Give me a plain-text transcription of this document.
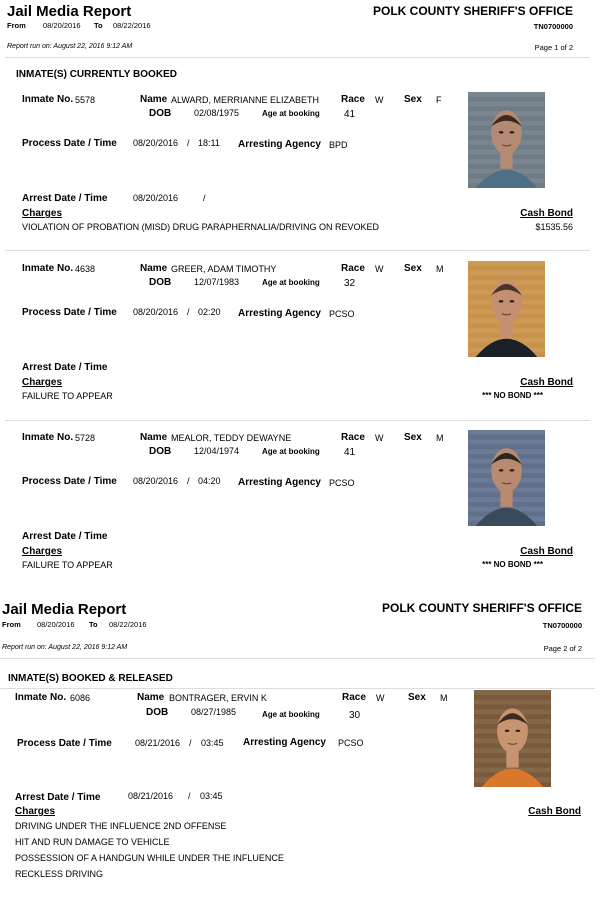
Jail Media Report
From 08/20/2016 To 08/22/2016
POLK COUNTY SHERIFF'S OFFICE
TN0700000
Report run on: August 22, 2016 9:12 AM	Page 1 of 2
INMATE(S) CURRENTLY BOOKED
Inmate No. 5578	Name ALWARD, MERRIANNE ELIZABETH Race W Sex F
DOB	02/08/1975	Age at booking 41
Process Date / Time 08/20/2016 / 18:11 Arresting Agency BPD
Arrest Date / Time	08/20/2016	/
Charges	Cash Bond
VIOLATION OF PROBATION (MISD) DRUG PARAPHERNALIA/DRIVING ON REVOKED	$1535.56
Inmate No. 4638	Name GREER, ADAM TIMOTHY	Race W Sex M
DOB	12/07/1983	Age at booking 32
Process Date / Time 08/20/2016 / 02:20 Arresting Agency PCSO
Arrest Date / Time
Charges	Cash Bond
FAILURE TO APPEAR	*** NO BOND ***
Inmate No. 5728	Name MEALOR, TEDDY DEWAYNE	Race W Sex M
DOB	12/04/1974	Age at booking 41
Process Date / Time 08/20/2016 / 04:20 Arresting Agency PCSO
Arrest Date / Time
Charges	Cash Bond
FAILURE TO APPEAR	*** NO BOND ***
Jail Media Report
From 08/20/2016 To 08/22/2016
POLK COUNTY SHERIFF'S OFFICE
TN0700000
Report run on: August 22, 2016 9:12 AM	Page 2 of 2
INMATE(S) BOOKED & RELEASED
Inmate No. 6086	Name BONTRAGER, ERVIN K	Race W Sex M
DOB	08/27/1985	Age at booking	30
Process Date / Time	08/21/2016 / 03:45 Arresting Agency PCSO
Arrest Date / Time	08/21/2016 / 03:45
Charges	Cash Bond
DRIVING UNDER THE INFLUENCE 2ND OFFENSE
HIT AND RUN DAMAGE TO VEHICLE
POSSESSION OF A HANDGUN WHILE UNDER THE INFLUENCE
RECKLESS DRIVING
